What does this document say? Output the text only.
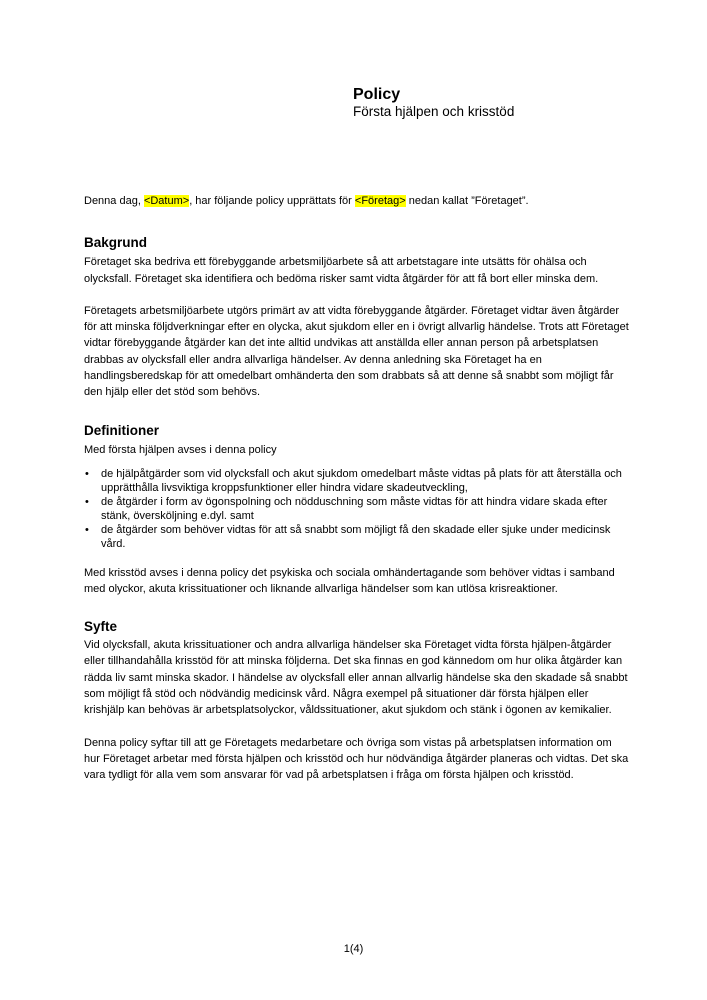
Policy

Första hjälpen och krisstöd

Denna dag, <Datum>, har följande policy upprättats för <Företag> nedan kallat ”Företaget”.

Bakgrund

Företaget ska bedriva ett förebyggande arbetsmiljöarbete så att arbetstagare inte utsätts för ohälsa och olycksfall. Företaget ska identifiera och bedöma risker samt vidta åtgärder för att få bort eller minska dem.

Företagets arbetsmiljöarbete utgörs primärt av att vidta förebyggande åtgärder. Företaget vidtar även åtgärder för att minska följdverkningar efter en olycka, akut sjukdom eller en i övrigt allvarlig händelse. Trots att Företaget vidtar förebyggande åtgärder kan det inte alltid undvikas att anställda eller annan person på arbetsplatsen drabbas av olycksfall eller andra allvarliga händelser. Av denna anledning ska Företaget ha en handlingsberedskap för att omedelbart omhänderta den som drabbats så att denne så snabbt som möjligt får den hjälp eller det stöd som behövs.

Definitioner

Med första hjälpen avses i denna policy

• de hjälpåtgärder som vid olycksfall och akut sjukdom omedelbart måste vidtas på plats för att återställa och upprätthålla livsviktiga kroppsfunktioner eller hindra vidare skadeutveckling,
• de åtgärder i form av ögonspolning och nödduschning som måste vidtas för att hindra vidare skada efter stänk, översköljning e.dyl. samt
• de åtgärder som behöver vidtas för att så snabbt som möjligt få den skadade eller sjuke under medicinsk vård.

Med krisstöd avses i denna policy det psykiska och sociala omhändertagande som behöver vidtas i samband med olyckor, akuta krissituationer och liknande allvarliga händelser som kan utlösa krisreaktioner.

Syfte

Vid olycksfall, akuta krissituationer och andra allvarliga händelser ska Företaget vidta första hjälpen-åtgärder eller tillhandahålla krisstöd för att minska följderna. Det ska finnas en god kännedom om hur olika åtgärder kan rädda liv samt minska skador. I händelse av olycksfall eller annan allvarlig händelse ska den skadade så snabbt som möjligt få stöd och nödvändig medicinsk vård. Några exempel på situationer där första hjälpen eller krishjälp kan behövas är arbetsplatsolyckor, våldssituationer, akut sjukdom och stänk i ögonen av kemikalier.

Denna policy syftar till att ge Företagets medarbetare och övriga som vistas på arbetsplatsen information om hur Företaget arbetar med första hjälpen och krisstöd och hur nödvändiga åtgärder planeras och vidtas. Det ska vara tydligt för alla vem som ansvarar för vad på arbetsplatsen i fråga om första hjälpen och krisstöd.

1(4)
